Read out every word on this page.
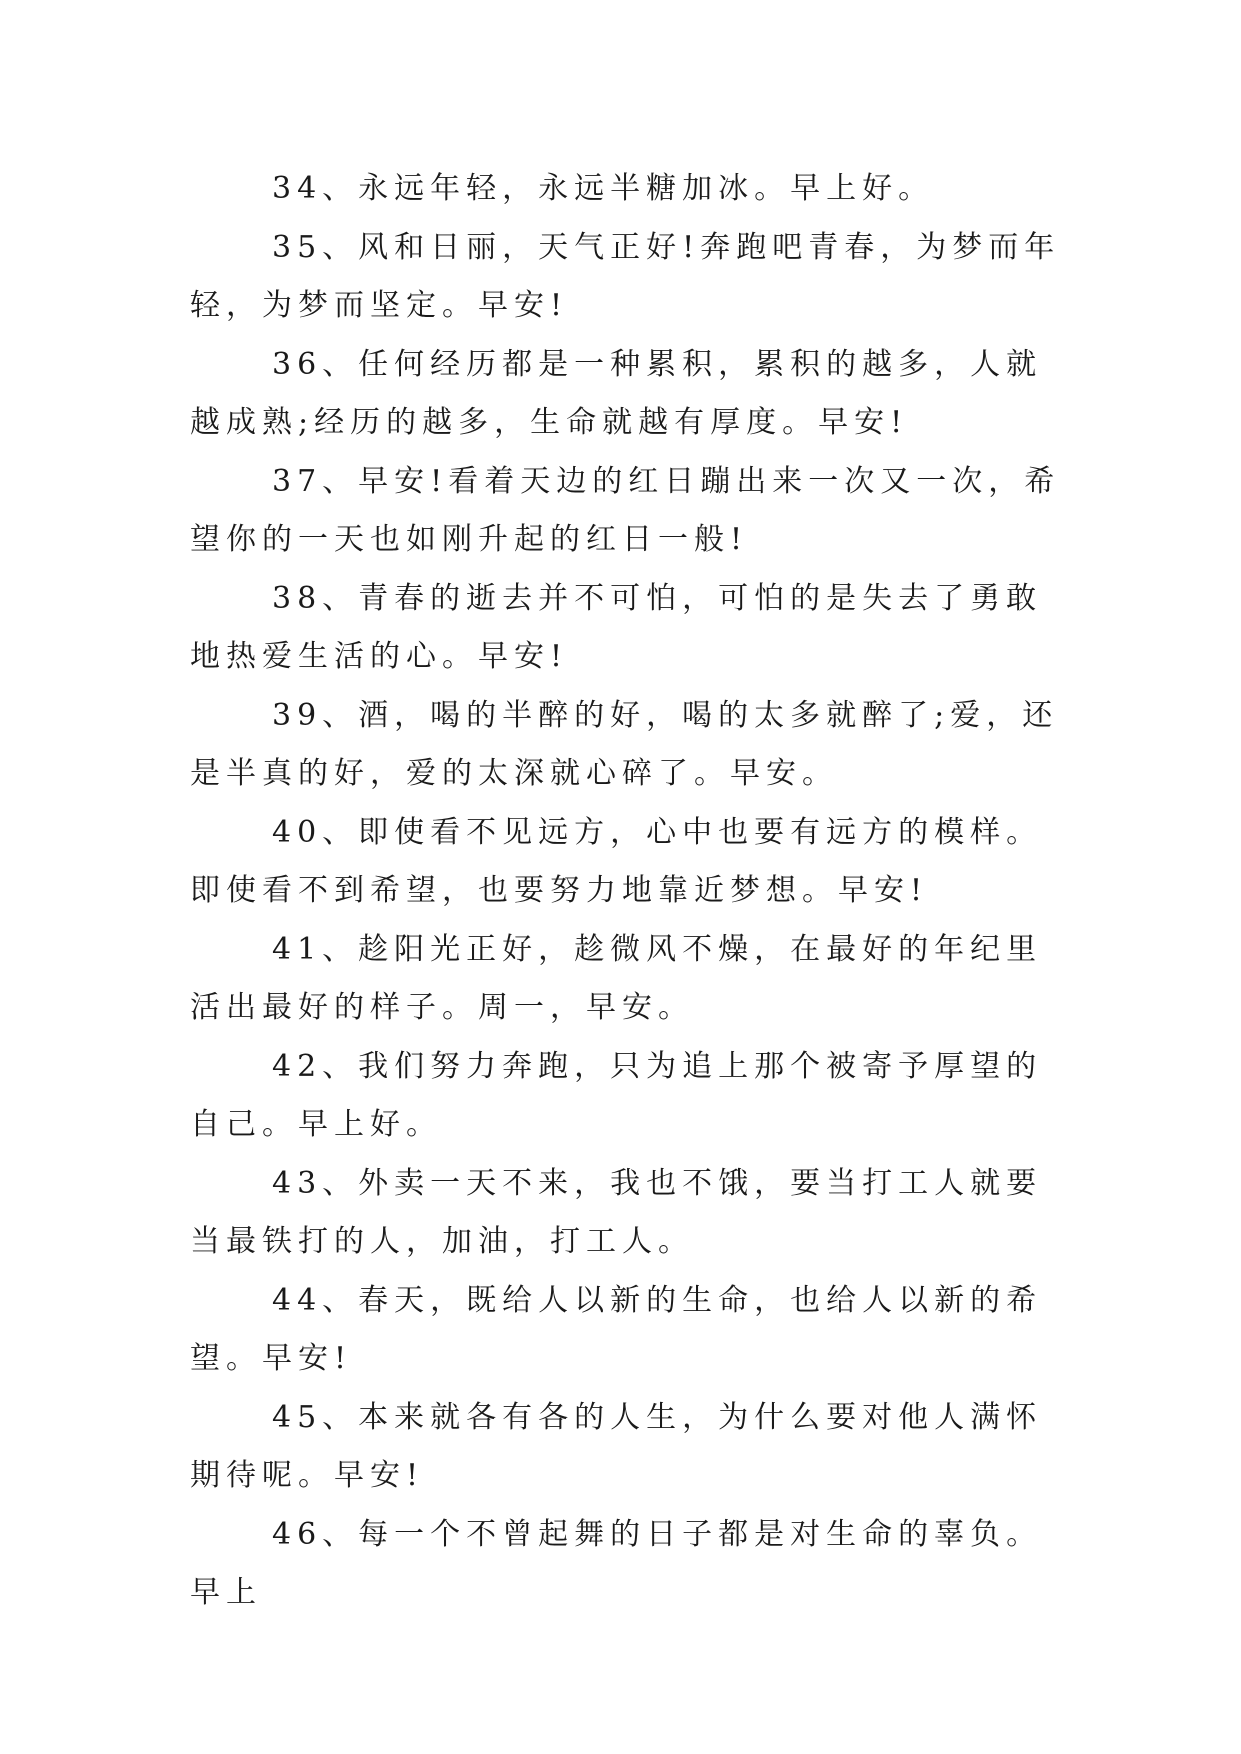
34、永远年轻，永远半糖加冰。早上好。

35、风和日丽，天气正好!奔跑吧青春，为梦而年轻，为梦而坚定。早安!

36、任何经历都是一种累积，累积的越多，人就越成熟;经历的越多，生命就越有厚度。早安!

37、早安!看着天边的红日蹦出来一次又一次，希望你的一天也如刚升起的红日一般!

38、青春的逝去并不可怕，可怕的是失去了勇敢地热爱生活的心。早安!

39、酒，喝的半醉的好，喝的太多就醉了;爱，还是半真的好，爱的太深就心碎了。早安。

40、即使看不见远方，心中也要有远方的模样。即使看不到希望，也要努力地靠近梦想。早安!

41、趁阳光正好，趁微风不燥，在最好的年纪里活出最好的样子。周一，早安。

42、我们努力奔跑，只为追上那个被寄予厚望的自己。早上好。

43、外卖一天不来，我也不饿，要当打工人就要当最铁打的人，加油，打工人。

44、春天，既给人以新的生命，也给人以新的希望。早安!

45、本来就各有各的人生，为什么要对他人满怀期待呢。早安!

46、每一个不曾起舞的日子都是对生命的辜负。早上
